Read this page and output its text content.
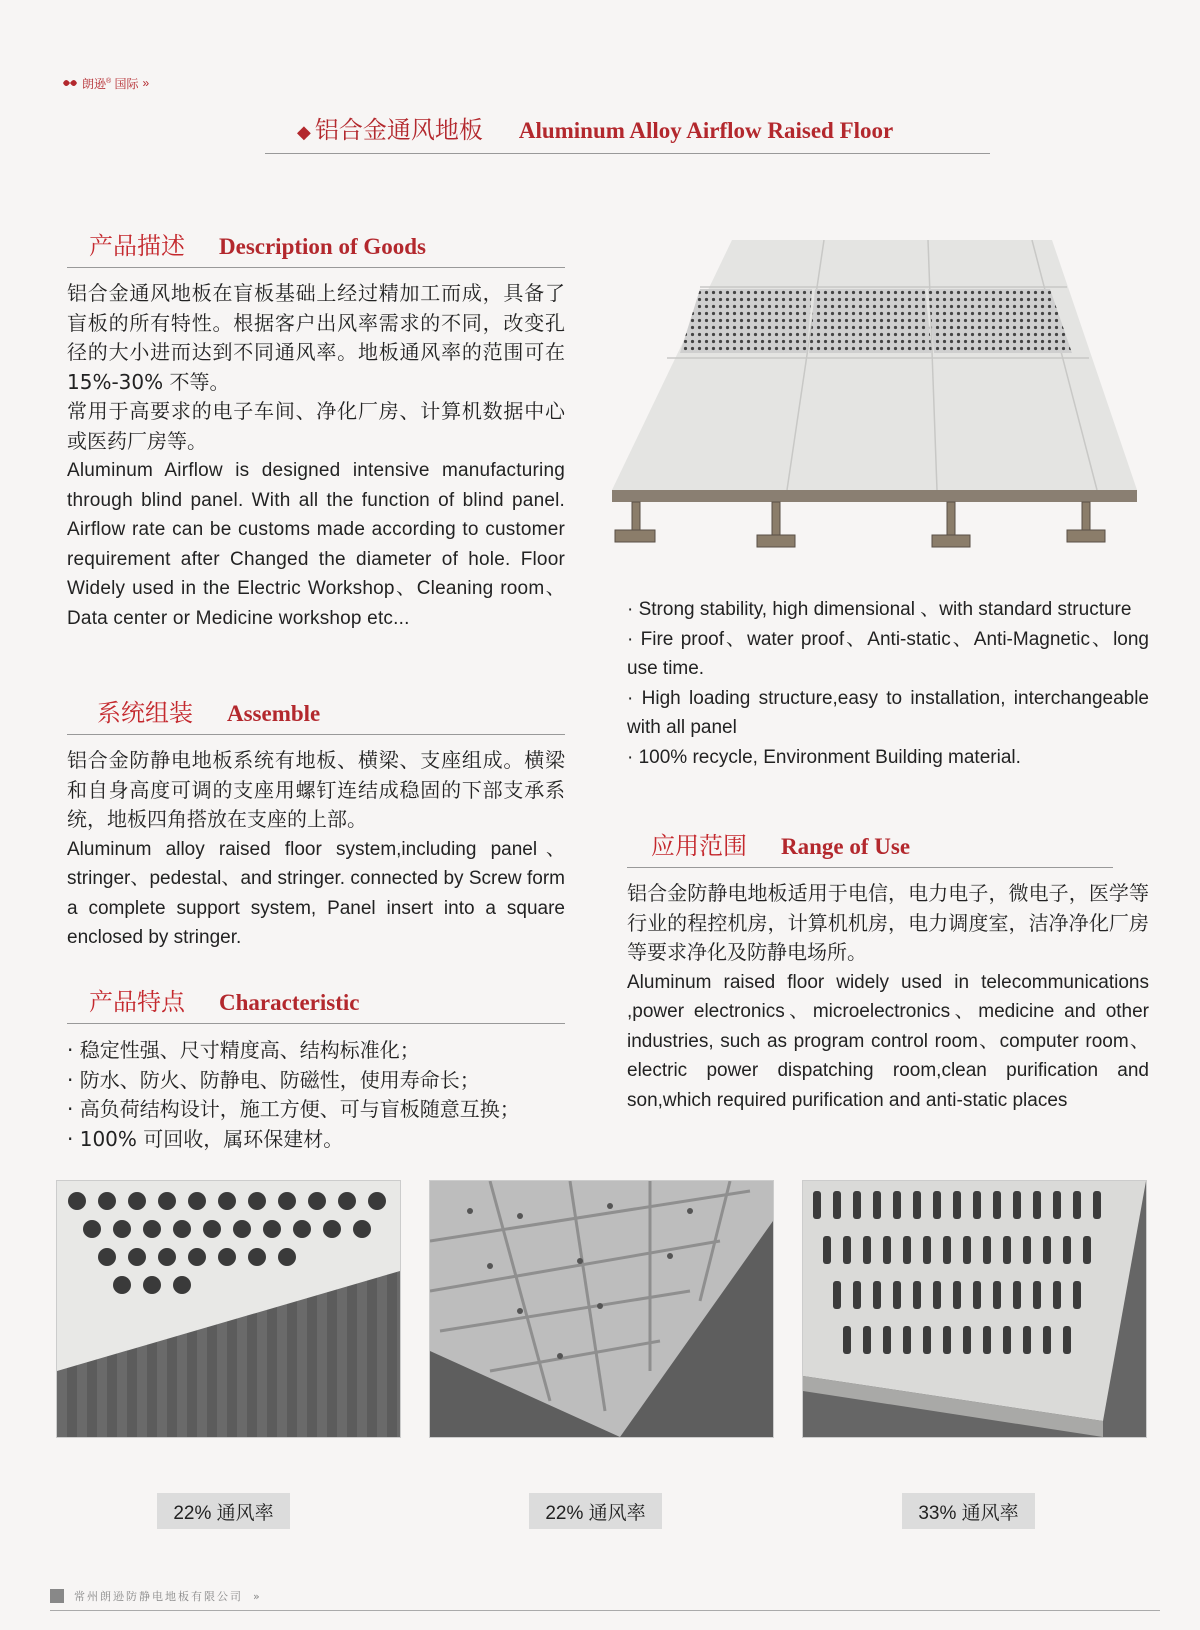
朗逊® 国际 »
◆ 铝合金通风地板 Aluminum Alloy Airflow Raised Floor
产品描述 Description of Goods

铝合金通风地板在盲板基础上经过精加工而成，具备了盲板的所有特性。根据客户出风率需求的不同，改变孔径的大小进而达到不同通风率。地板通风率的范围可在 15%-30% 不等。

常用于高要求的电子车间、净化厂房、计算机数据中心或医药厂房等。

Aluminum Airflow is designed intensive manufacturing through blind panel. With all the function of blind panel. Airflow rate can be customs made according to customer requirement after Changed the diameter of hole. Floor Widely used in the Electric Workshop、Cleaning room、Data center or Medicine workshop etc...

系统组装 Assemble

铝合金防静电地板系统有地板、横梁、支座组成。横梁和自身高度可调的支座用螺钉连结成稳固的下部支承系统，地板四角搭放在支座的上部。

Aluminum alloy raised floor system,including panel、stringer、pedestal、and stringer. connected by Screw form a complete support system, Panel insert into a square enclosed by stringer.

产品特点 Characteristic

· 稳定性强、尺寸精度高、结构标准化；

· 防水、防火、防静电、防磁性，使用寿命长；

· 高负荷结构设计，施工方便、可与盲板随意互换；

· 100% 可回收，属环保建材。

· Strong stability, high dimensional 、with standard structure

· Fire proof、water proof、Anti-static、Anti-Magnetic、long use time.

· High loading structure,easy to installation, interchangeable with all panel

· 100% recycle, Environment Building material.

应用范围 Range of Use

铝合金防静电地板适用于电信，电力电子，微电子，医学等行业的程控机房，计算机机房，电力调度室，洁净净化厂房等要求净化及防静电场所。

Aluminum raised floor widely used in telecommunications ,power electronics、microelectronics、medicine and other industries, such as program control room、computer room、electric power dispatching room,clean purification and son,which required purification and anti-static places

22% 通风率	22% 通风率	33% 通风率
常州朗逊防静电地板有限公司 »
